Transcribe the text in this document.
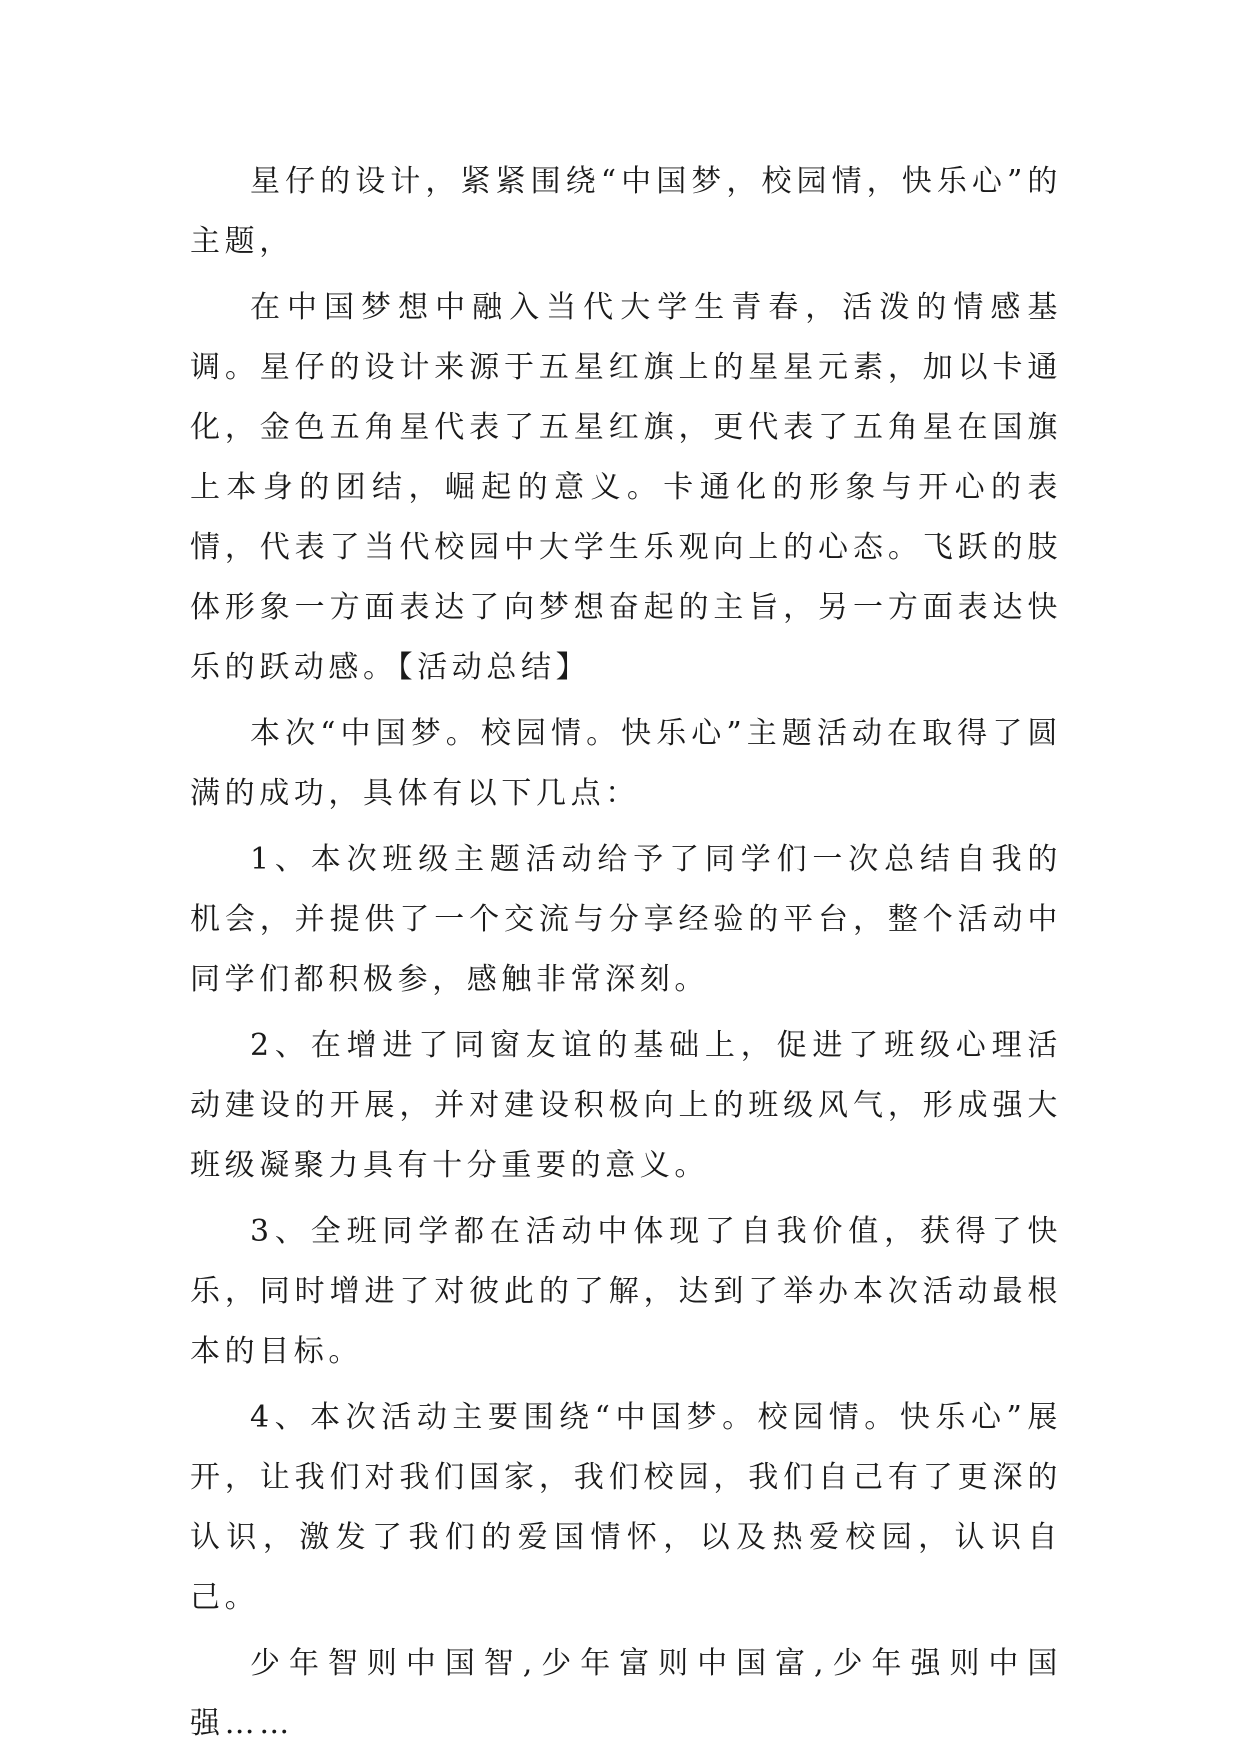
星仔的设计，紧紧围绕“中国梦，校园情，快乐心”的主题，

在中国梦想中融入当代大学生青春，活泼的情感基调。星仔的设计来源于五星红旗上的星星元素，加以卡通化，金色五角星代表了五星红旗，更代表了五角星在国旗上本身的团结，崛起的意义。卡通化的形象与开心的表情，代表了当代校园中大学生乐观向上的心态。飞跃的肢体形象一方面表达了向梦想奋起的主旨，另一方面表达快乐的跃动感。【活动总结】

本次“中国梦。校园情。快乐心”主题活动在取得了圆满的成功，具体有以下几点：

1、本次班级主题活动给予了同学们一次总结自我的机会，并提供了一个交流与分享经验的平台，整个活动中同学们都积极参，感触非常深刻。

2、在增进了同窗友谊的基础上，促进了班级心理活动建设的开展，并对建设积极向上的班级风气，形成强大班级凝聚力具有十分重要的意义。

3、全班同学都在活动中体现了自我价值，获得了快乐，同时增进了对彼此的了解，达到了举办本次活动最根本的目标。

4、本次活动主要围绕“中国梦。校园情。快乐心”展开，让我们对我们国家，我们校园，我们自己有了更深的认识，激发了我们的爱国情怀，以及热爱校园，认识自己。

少年智则中国智,少年富则中国富,少年强则中国强……
